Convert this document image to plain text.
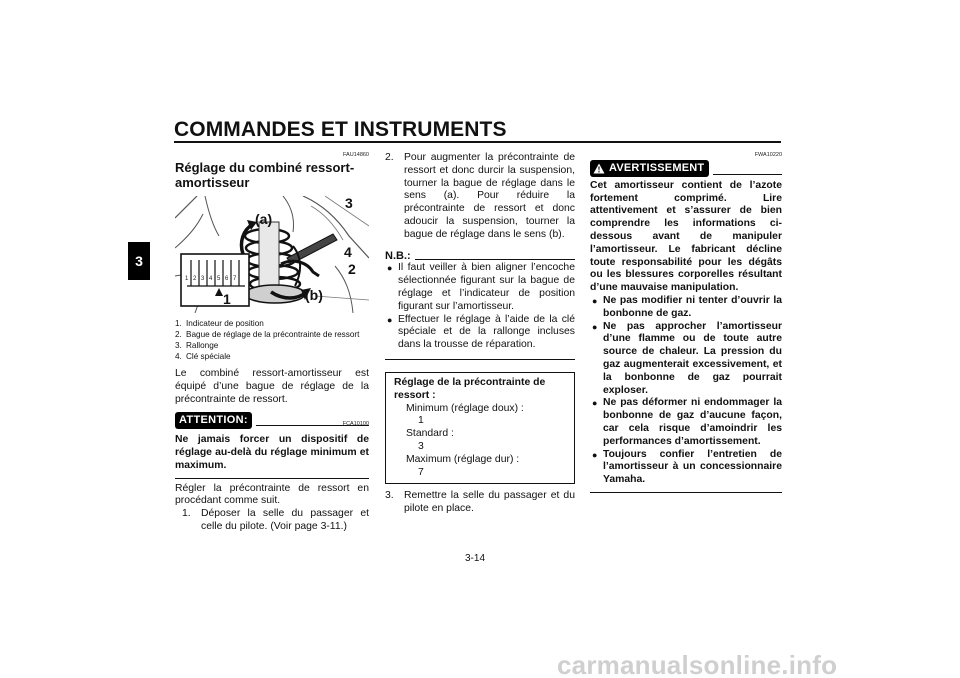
COMMANDES ET INSTRUMENTS
3
FAU14860
Réglage du combiné ressort-amortisseur
1 2 3 4 5 6 7
(a)
3
4
2
1	(b)
1. Indicateur de position
2. Bague de réglage de la précontrainte de ressort
3. Rallonge
4. Clé spéciale

Le combiné ressort-amortisseur est équipé d’une bague de réglage de la précontrainte de ressort.

ATTENTION:	FCA10100
Ne jamais forcer un dispositif de réglage au-delà du réglage minimum et maximum.

Régler la précontrainte de ressort en procédant comme suit.

1. Déposer la selle du passager et celle du pilote. (Voir page 3-11.)
2. Pour augmenter la précontrainte de ressort et donc durcir la suspension, tourner la bague de réglage dans le sens (a). Pour réduire la précontrainte de ressort et donc adoucir la suspension, tourner la bague de réglage dans le sens (b).
N.B.:
● Il faut veiller à bien aligner l’encoche sélectionnée figurant sur la bague de réglage et l’indicateur de position figurant sur l’amortisseur.
● Effectuer le réglage à l’aide de la clé spéciale et de la rallonge incluses dans la trousse de réparation.
Réglage de la précontrainte de ressort :
Minimum (réglage doux) :
1
Standard :
3
Maximum (réglage dur) :
7
3. Remettre la selle du passager et du pilote en place.
FWA10220
AVERTISSEMENT
Cet amortisseur contient de l’azote fortement comprimé. Lire attentivement et s’assurer de bien comprendre les informations ci-dessous avant de manipuler l’amortisseur. Le fabricant décline toute responsabilité pour les dégâts ou les blessures corporelles résultant d’une mauvaise manipulation.
● Ne pas modifier ni tenter d’ouvrir la bonbonne de gaz.
● Ne pas approcher l’amortisseur d’une flamme ou de toute autre source de chaleur. La pression du gaz augmenterait excessivement, et la bonbonne de gaz pourrait exploser.
● Ne pas déformer ni endommager la bonbonne de gaz d’aucune façon, car cela risque d’amoindrir les performances d’amortissement.
● Toujours confier l’entretien de l’amortisseur à un concessionnaire Yamaha.
3-14
carmanualsonline.info
